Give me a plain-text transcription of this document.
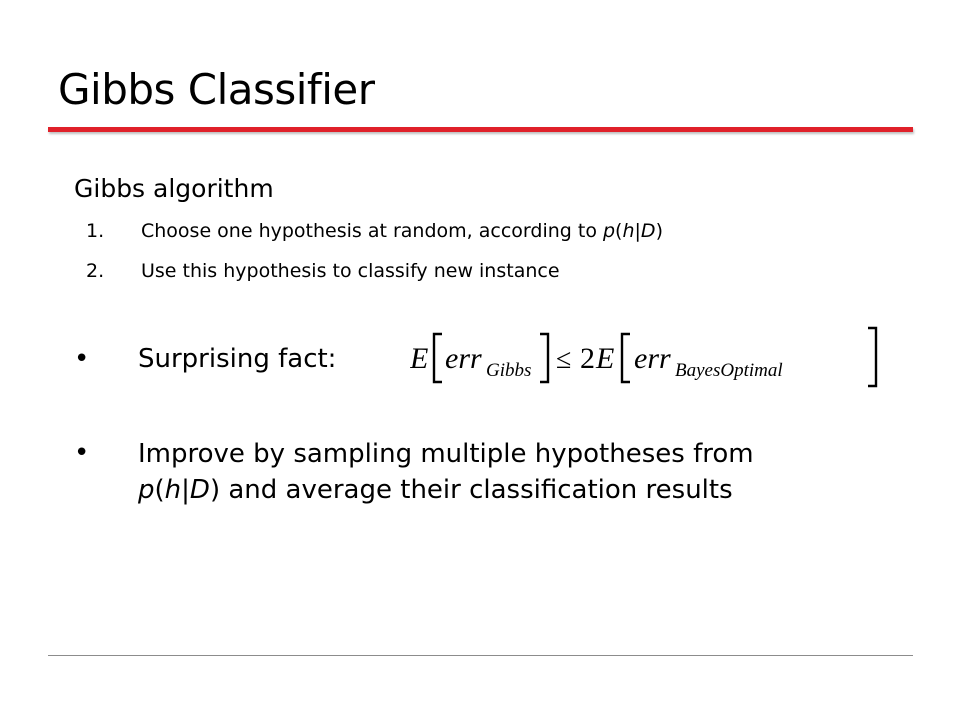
Gibbs Classifier
Gibbs algorithm
1. Choose one hypothesis at random, according to p(h|D)
2. Use this hypothesis to classify new instance
• Surprising fact: E err Gibbs ≤ 2 E err BayesOptimal
• Improve by sampling multiple hypotheses from
p(h|D) and average their classification results
